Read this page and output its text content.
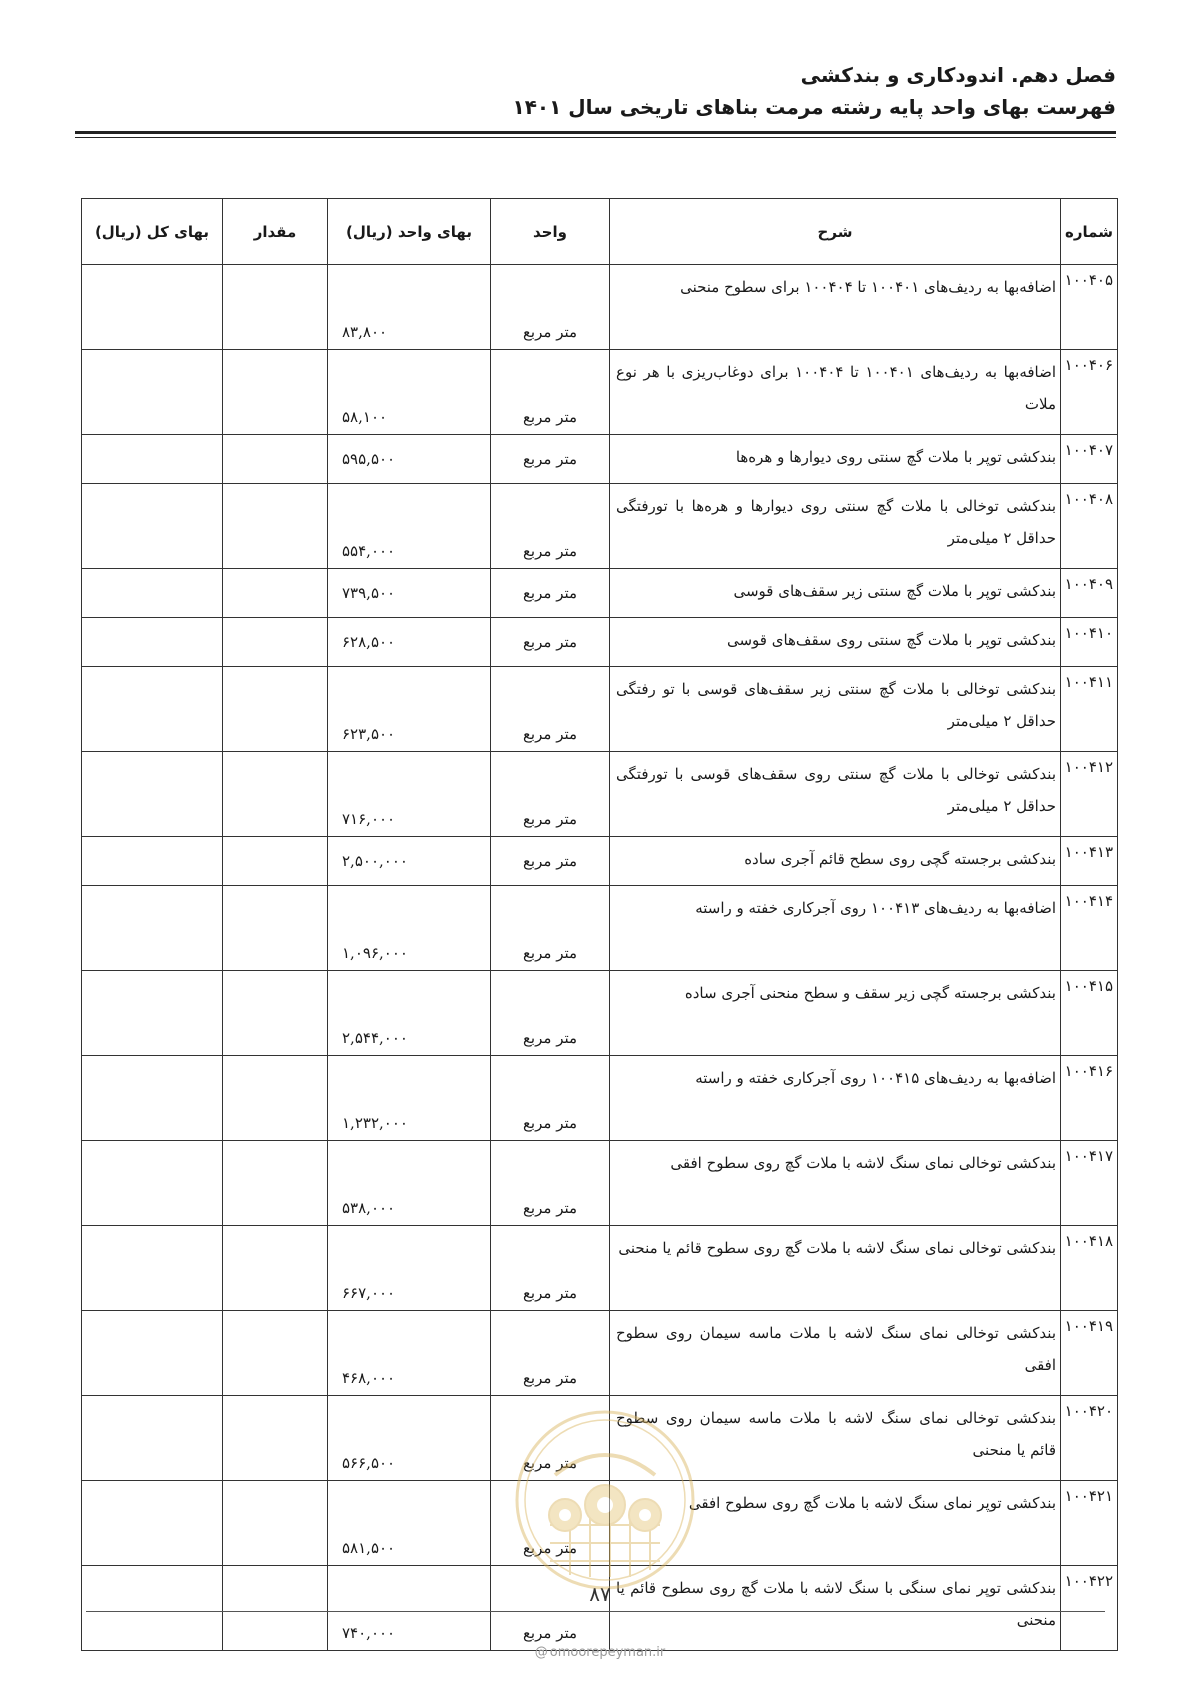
فصل دهم. اندودکاری و بندکشی
فهرست بهای واحد پایه رشته مرمت بناهای تاریخی سال ۱۴۰۱
شماره	شرح	واحد	بهای واحد (ریال)	مقدار	بهای کل (ریال)
۱۰۰۴۰۵	اضافه‌بها به ردیف‌های ۱۰۰۴۰۱ تا ۱۰۰۴۰۴ برای سطوح منحنی	متر مربع	۸۳,۸۰۰		
۱۰۰۴۰۶	اضافه‌بها به ردیف‌های ۱۰۰۴۰۱ تا ۱۰۰۴۰۴ برای دوغاب‌ریزی با هر نوع ملات	متر مربع	۵۸,۱۰۰		
۱۰۰۴۰۷	بندکشی توپر با ملات گچ سنتی روی دیوارها و هره‌ها	متر مربع	۵۹۵,۵۰۰		
۱۰۰۴۰۸	بندکشی توخالی با ملات گچ سنتی روی دیوارها و هره‌ها با تورفتگی حداقل ۲ میلی‌متر	متر مربع	۵۵۴,۰۰۰		
۱۰۰۴۰۹	بندکشی توپر با ملات گچ سنتی زیر سقف‌های قوسی	متر مربع	۷۳۹,۵۰۰		
۱۰۰۴۱۰	بندکشی توپر با ملات گچ سنتی روی سقف‌های قوسی	متر مربع	۶۲۸,۵۰۰		
۱۰۰۴۱۱	بندکشی توخالی با ملات گچ سنتی زیر سقف‌های قوسی با تو رفتگی حداقل ۲ میلی‌متر	متر مربع	۶۲۳,۵۰۰		
۱۰۰۴۱۲	بندکشی توخالی با ملات گچ سنتی روی سقف‌های قوسی با تورفتگی حداقل ۲ میلی‌متر	متر مربع	۷۱۶,۰۰۰		
۱۰۰۴۱۳	بندکشی برجسته گچی روی سطح قائم آجری ساده	متر مربع	۲,۵۰۰,۰۰۰		
۱۰۰۴۱۴	اضافه‌بها به ردیف‌های ۱۰۰۴۱۳ روی آجرکاری خفته و راسته	متر مربع	۱,۰۹۶,۰۰۰		
۱۰۰۴۱۵	بندکشی برجسته گچی زیر سقف و سطح منحنی آجری ساده	متر مربع	۲,۵۴۴,۰۰۰		
۱۰۰۴۱۶	اضافه‌بها به ردیف‌های ۱۰۰۴۱۵ روی آجرکاری خفته و راسته	متر مربع	۱,۲۳۲,۰۰۰		
۱۰۰۴۱۷	بندکشی توخالی نمای سنگ لاشه با ملات گچ روی سطوح افقی	متر مربع	۵۳۸,۰۰۰		
۱۰۰۴۱۸	بندکشی توخالی نمای سنگ لاشه با ملات گچ روی سطوح قائم یا منحنی	متر مربع	۶۶۷,۰۰۰		
۱۰۰۴۱۹	بندکشی توخالی نمای سنگ لاشه با ملات ماسه سیمان روی سطوح افقی	متر مربع	۴۶۸,۰۰۰		
۱۰۰۴۲۰	بندکشی توخالی نمای سنگ لاشه با ملات ماسه سیمان روی سطوح قائم یا منحنی	متر مربع	۵۶۶,۵۰۰		
۱۰۰۴۲۱	بندکشی توپر نمای سنگ لاشه با ملات گچ روی سطوح افقی	متر مربع	۵۸۱,۵۰۰		
۱۰۰۴۲۲	بندکشی توپر نمای سنگی با سنگ لاشه با ملات گچ روی سطوح قائم یا منحنی	متر مربع	۷۴۰,۰۰۰		
۸۷
@ omoorepeyman.ir
